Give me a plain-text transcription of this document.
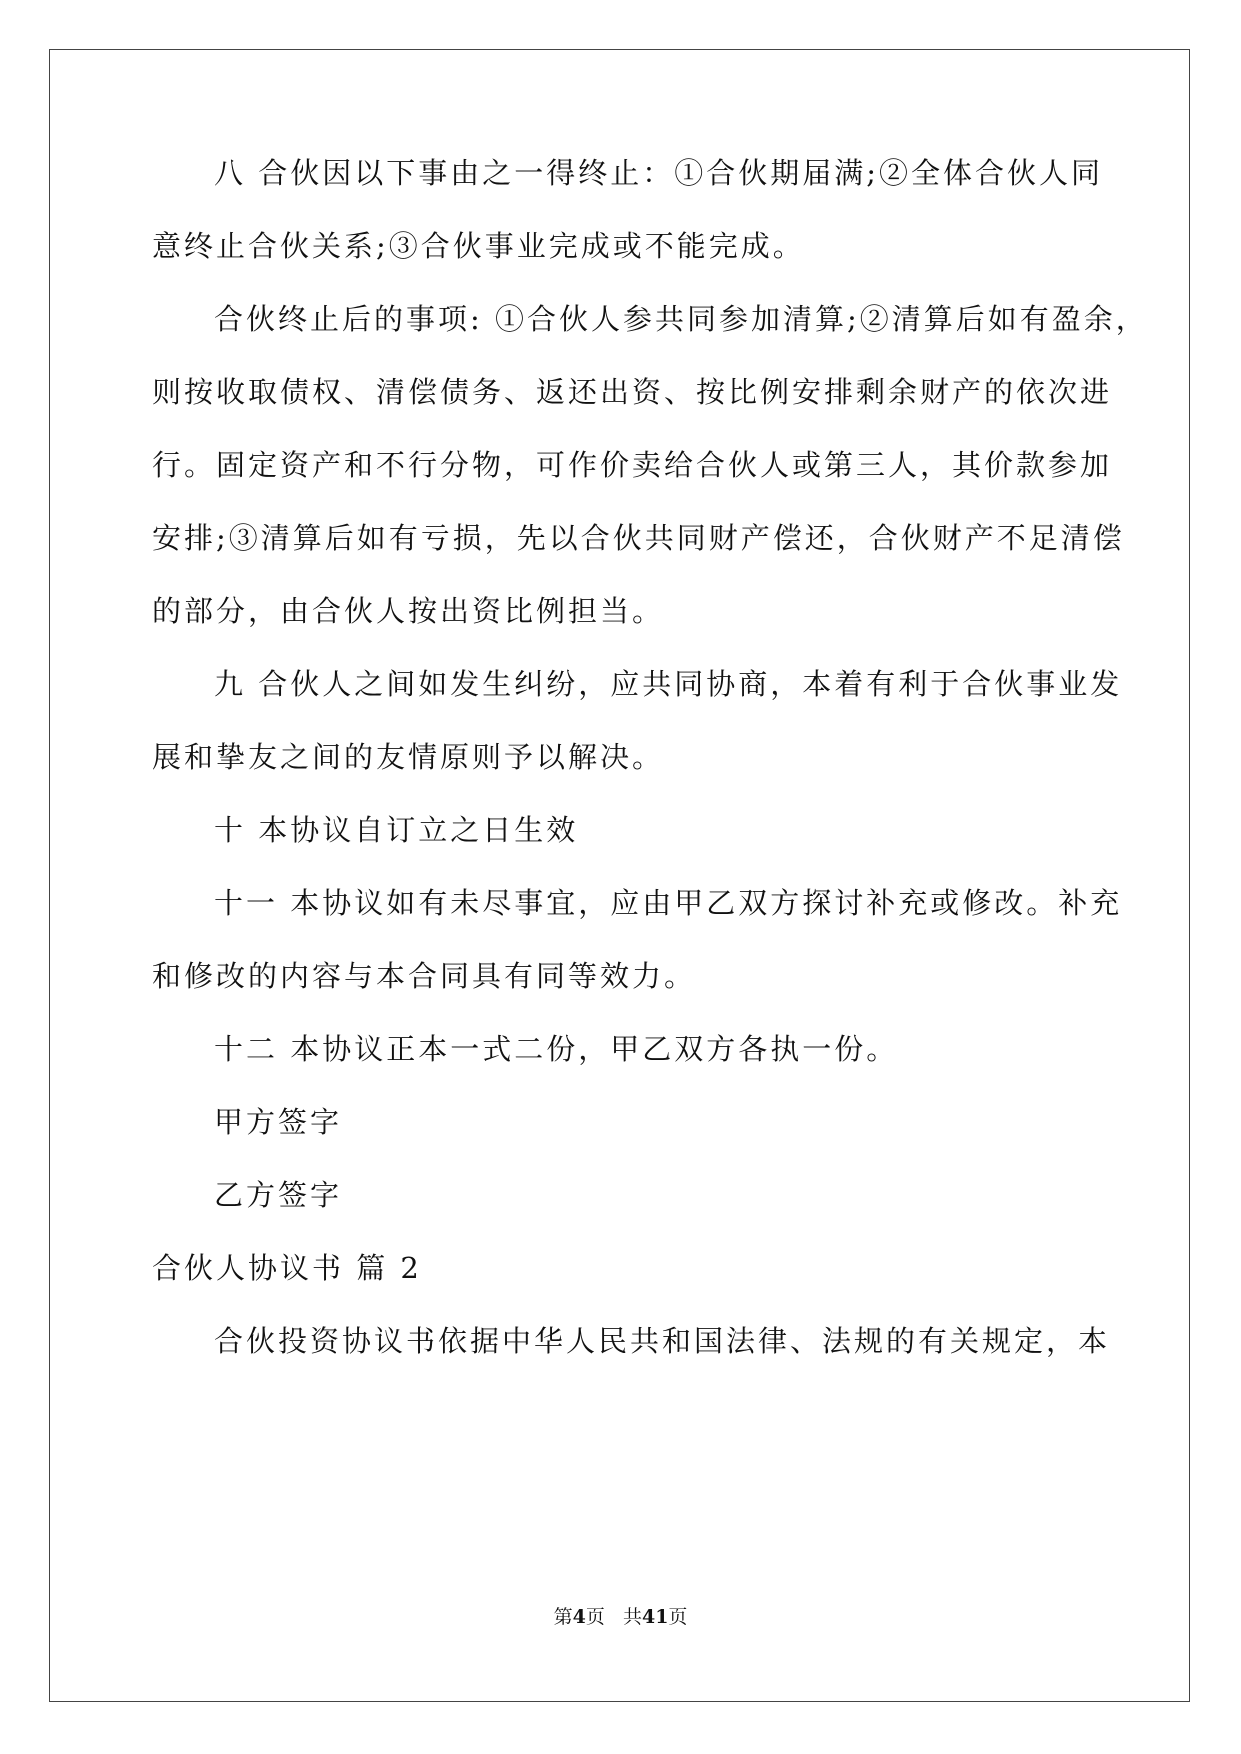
八 合伙因以下事由之一得终止：①合伙期届满;②全体合伙人同
意终止合伙关系;③合伙事业完成或不能完成。
合伙终止后的事项: ①合伙人参共同参加清算;②清算后如有盈余，
则按收取债权、清偿债务、返还出资、按比例安排剩余财产的依次进
行。固定资产和不行分物，可作价卖给合伙人或第三人，其价款参加
安排;③清算后如有亏损，先以合伙共同财产偿还，合伙财产不足清偿
的部分，由合伙人按出资比例担当。
九 合伙人之间如发生纠纷，应共同协商，本着有利于合伙事业发
展和挚友之间的友情原则予以解决。
十 本协议自订立之日生效
十一 本协议如有未尽事宜，应由甲乙双方探讨补充或修改。补充
和修改的内容与本合同具有同等效力。
十二 本协议正本一式二份，甲乙双方各执一份。
甲方签字
乙方签字
合伙人协议书 篇 2
合伙投资协议书依据中华人民共和国法律、法规的有关规定，本
第4页 共41页
